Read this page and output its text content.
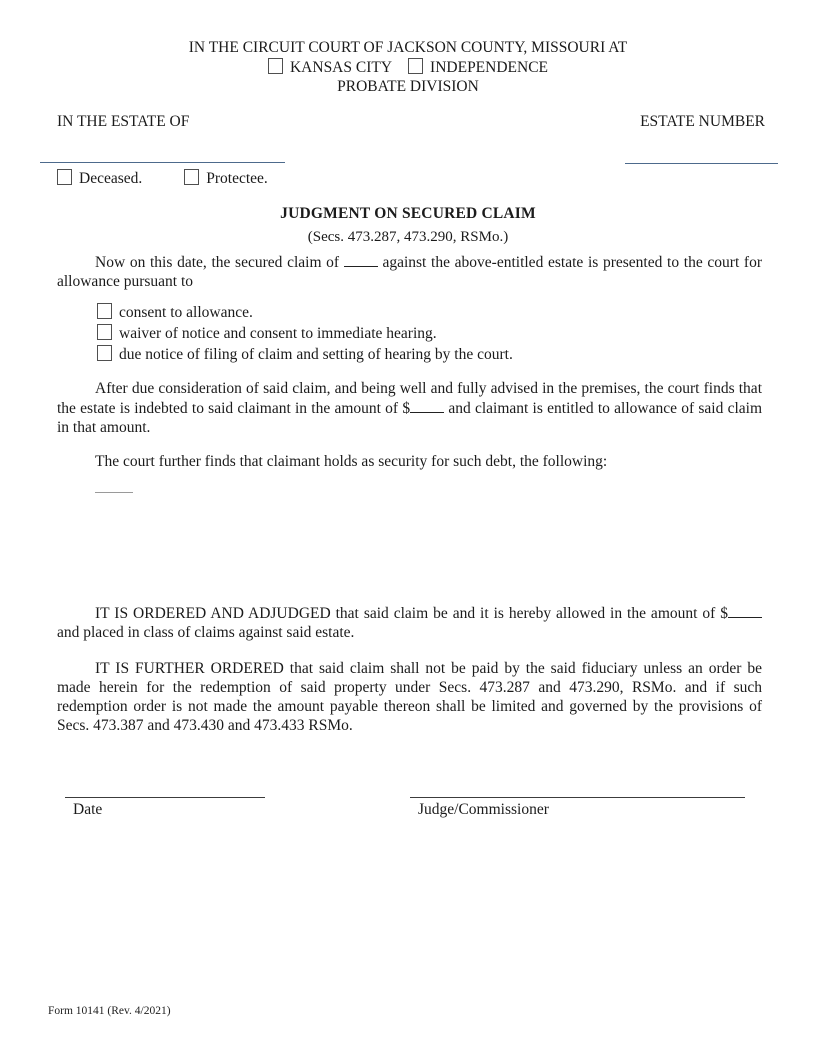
IN THE CIRCUIT COURT OF JACKSON COUNTY, MISSOURI AT
KANSAS CITY INDEPENDENCE
PROBATE DIVISION
IN THE ESTATE OF	ESTATE NUMBER
Deceased.	Protectee.
JUDGMENT ON SECURED CLAIM
(Secs. 473.287, 473.290, RSMo.)

Now on this date, the secured claim of  against the above-entitled estate is presented to the court for allowance pursuant to

consent to allowance.
waiver of notice and consent to immediate hearing.
due notice of filing of claim and setting of hearing by the court.

After due consideration of said claim, and being well and fully advised in the premises, the court finds that the estate is indebted to said claimant in the amount of $ and claimant is entitled to allowance of said claim in that amount.

The court further finds that claimant holds as security for such debt, the following:

IT IS ORDERED AND ADJUDGED that said claim be and it is hereby allowed in the amount of $ and placed in class of claims against said estate.

IT IS FURTHER ORDERED that said claim shall not be paid by the said fiduciary unless an order be made herein for the redemption of said property under Secs. 473.287 and 473.290, RSMo. and if such redemption order is not made the amount payable thereon shall be limited and governed by the provisions of Secs. 473.387 and 473.430 and 473.433 RSMo.

Date	Judge/Commissioner
Form 10141 (Rev. 4/2021)
